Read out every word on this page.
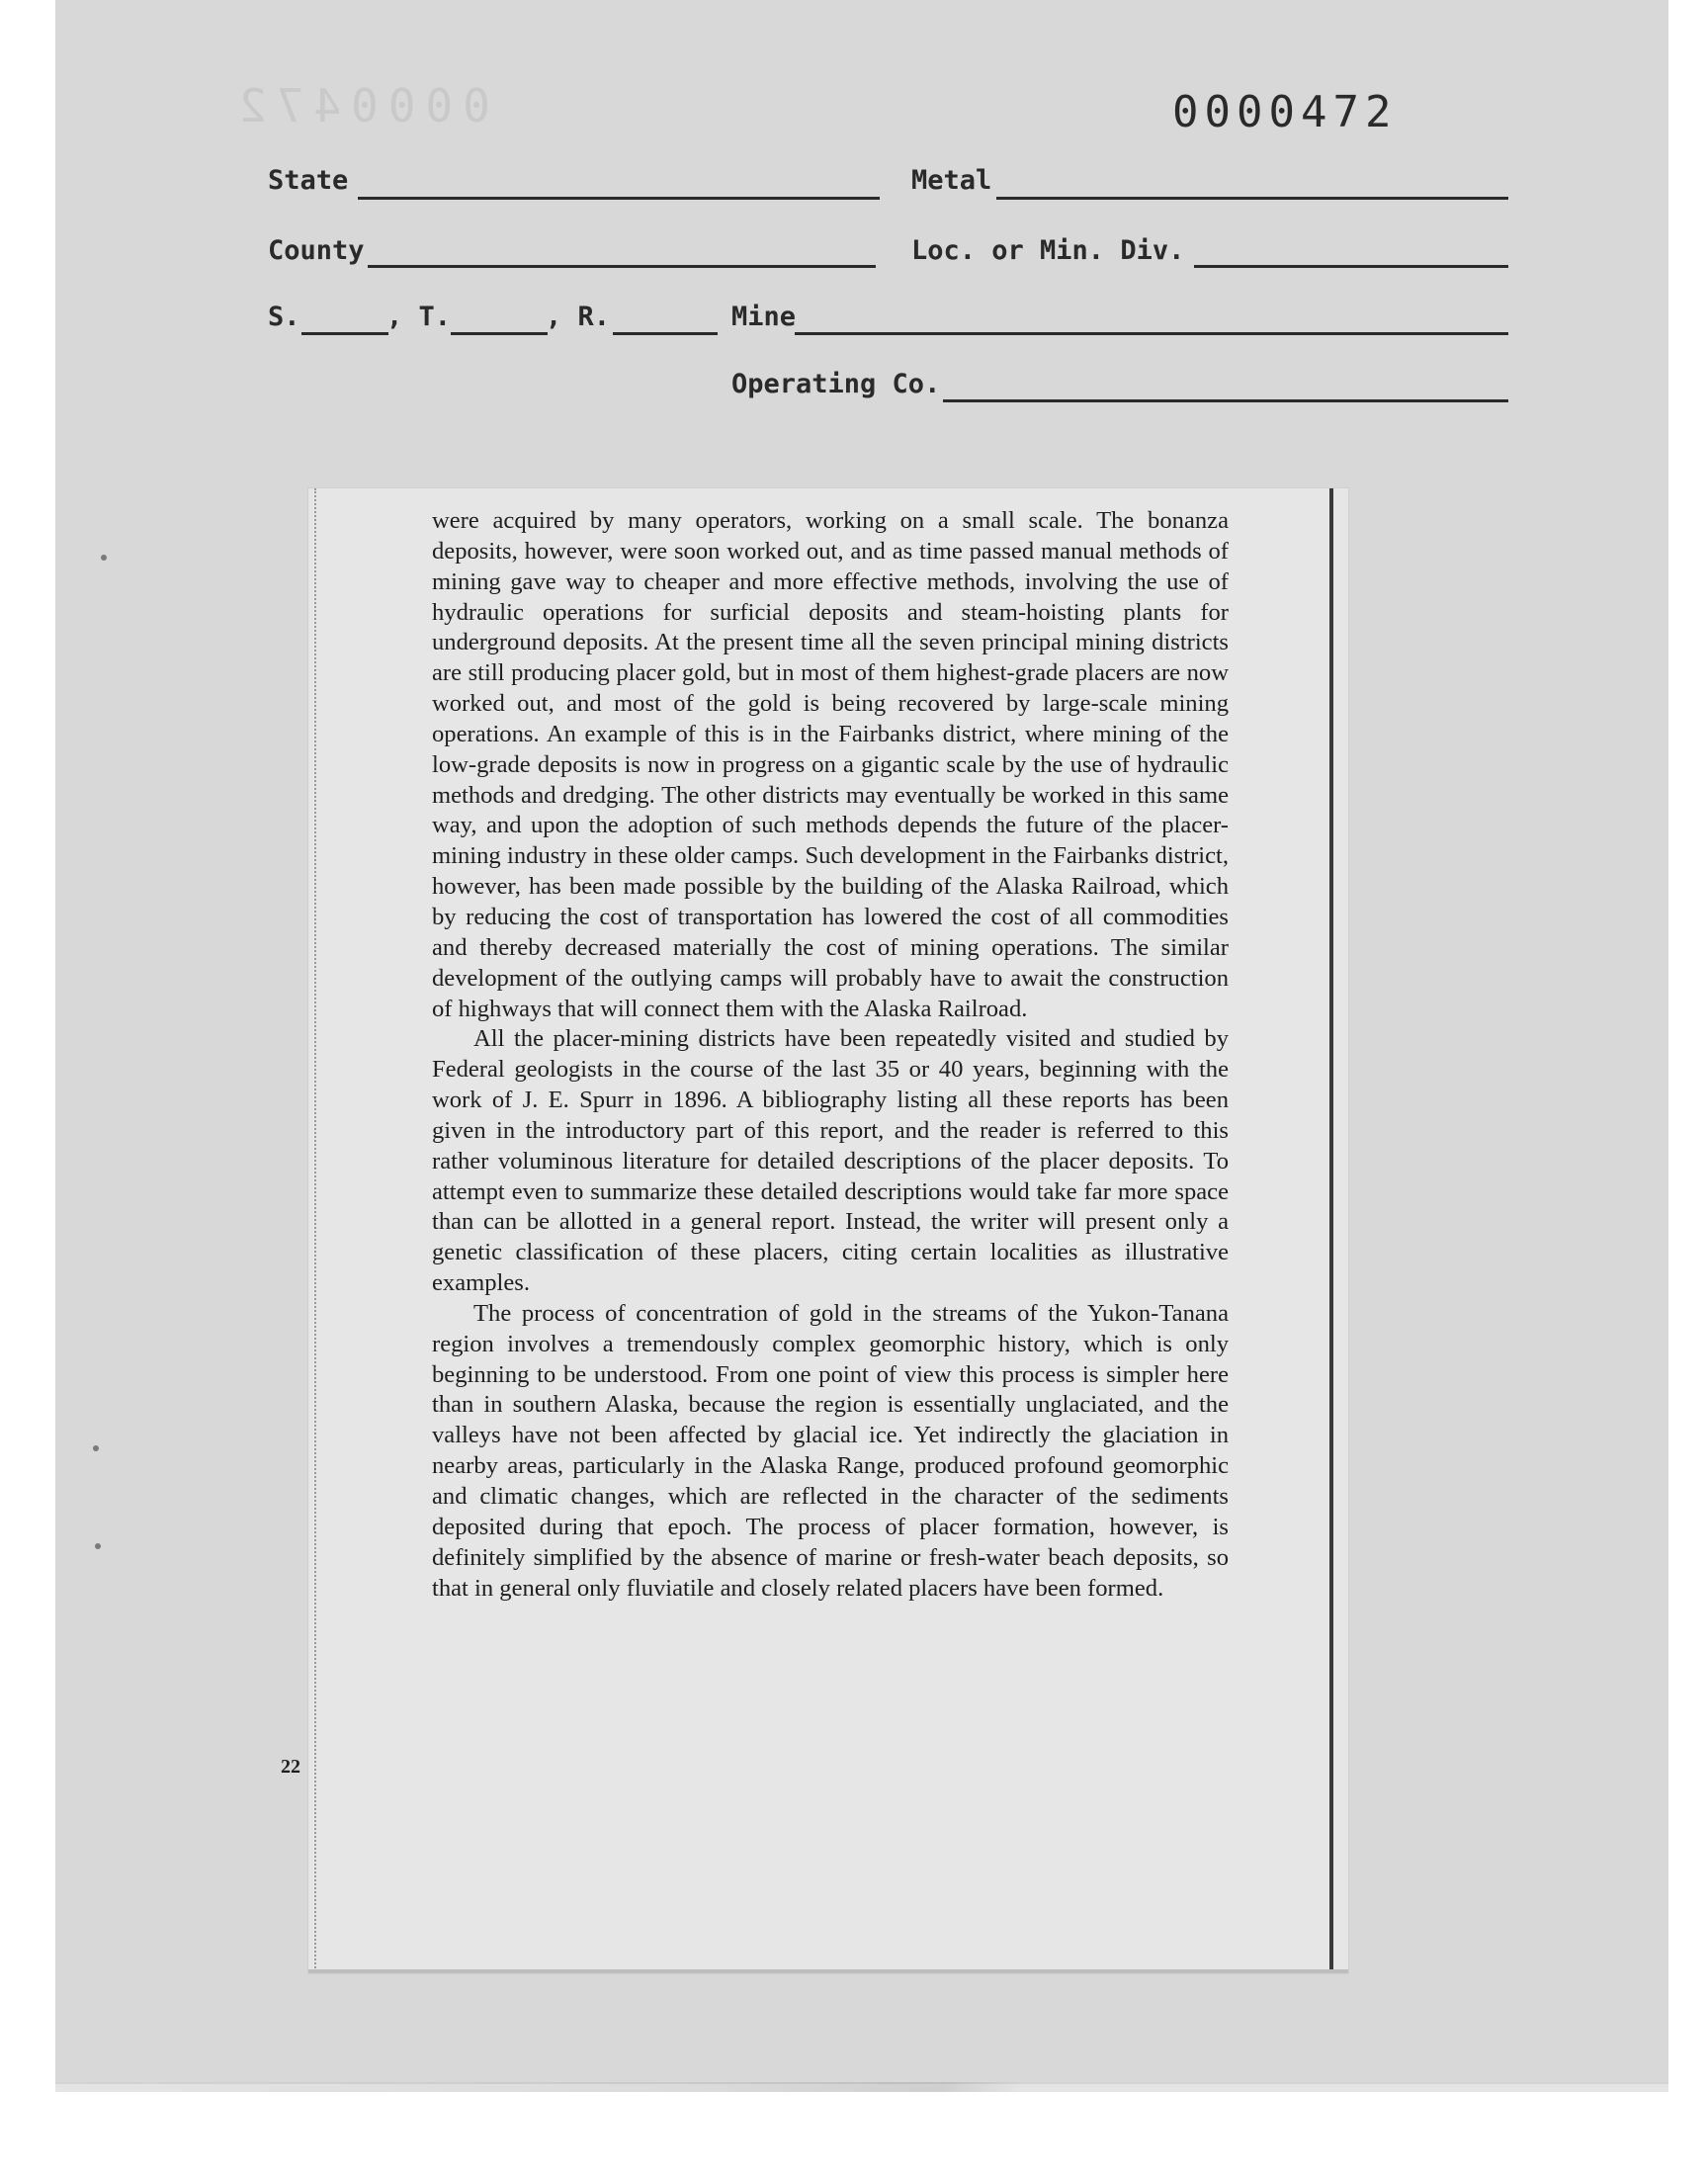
0000472	0000472
State	Metal
County	Loc. or Min. Div.
S.	, T.	, R.	Mine
Operating Co.
22

were acquired by many operators, working on a small scale. The bonanza deposits, however, were soon worked out, and as time passed manual methods of mining gave way to cheaper and more effective methods, involving the use of hydraulic operations for surficial deposits and steam-hoisting plants for underground deposits. At the present time all the seven principal mining districts are still producing placer gold, but in most of them highest-grade placers are now worked out, and most of the gold is being recovered by large-scale mining operations. An example of this is in the Fairbanks district, where mining of the low-grade deposits is now in progress on a gigantic scale by the use of hydraulic methods and dredging. The other districts may eventually be worked in this same way, and upon the adoption of such methods depends the future of the placer-mining industry in these older camps. Such development in the Fairbanks district, however, has been made possible by the building of the Alaska Railroad, which by reducing the cost of transportation has lowered the cost of all commodities and thereby decreased materially the cost of mining operations. The similar development of the outlying camps will probably have to await the construction of highways that will connect them with the Alaska Railroad.

All the placer-mining districts have been repeatedly visited and studied by Federal geologists in the course of the last 35 or 40 years, beginning with the work of J. E. Spurr in 1896. A bibliography listing all these reports has been given in the introductory part of this report, and the reader is referred to this rather voluminous literature for detailed descriptions of the placer deposits. To attempt even to summarize these detailed descriptions would take far more space than can be allotted in a general report. Instead, the writer will present only a genetic classification of these placers, citing certain localities as illustrative examples.

The process of concentration of gold in the streams of the Yukon-Tanana region involves a tremendously complex geomorphic history, which is only beginning to be understood. From one point of view this process is simpler here than in southern Alaska, because the region is essentially unglaciated, and the valleys have not been affected by glacial ice. Yet indirectly the glaciation in nearby areas, particularly in the Alaska Range, produced profound geomorphic and climatic changes, which are reflected in the character of the sediments deposited during that epoch. The process of placer formation, however, is definitely simplified by the absence of marine or fresh-water beach deposits, so that in general only fluviatile and closely related placers have been formed.
